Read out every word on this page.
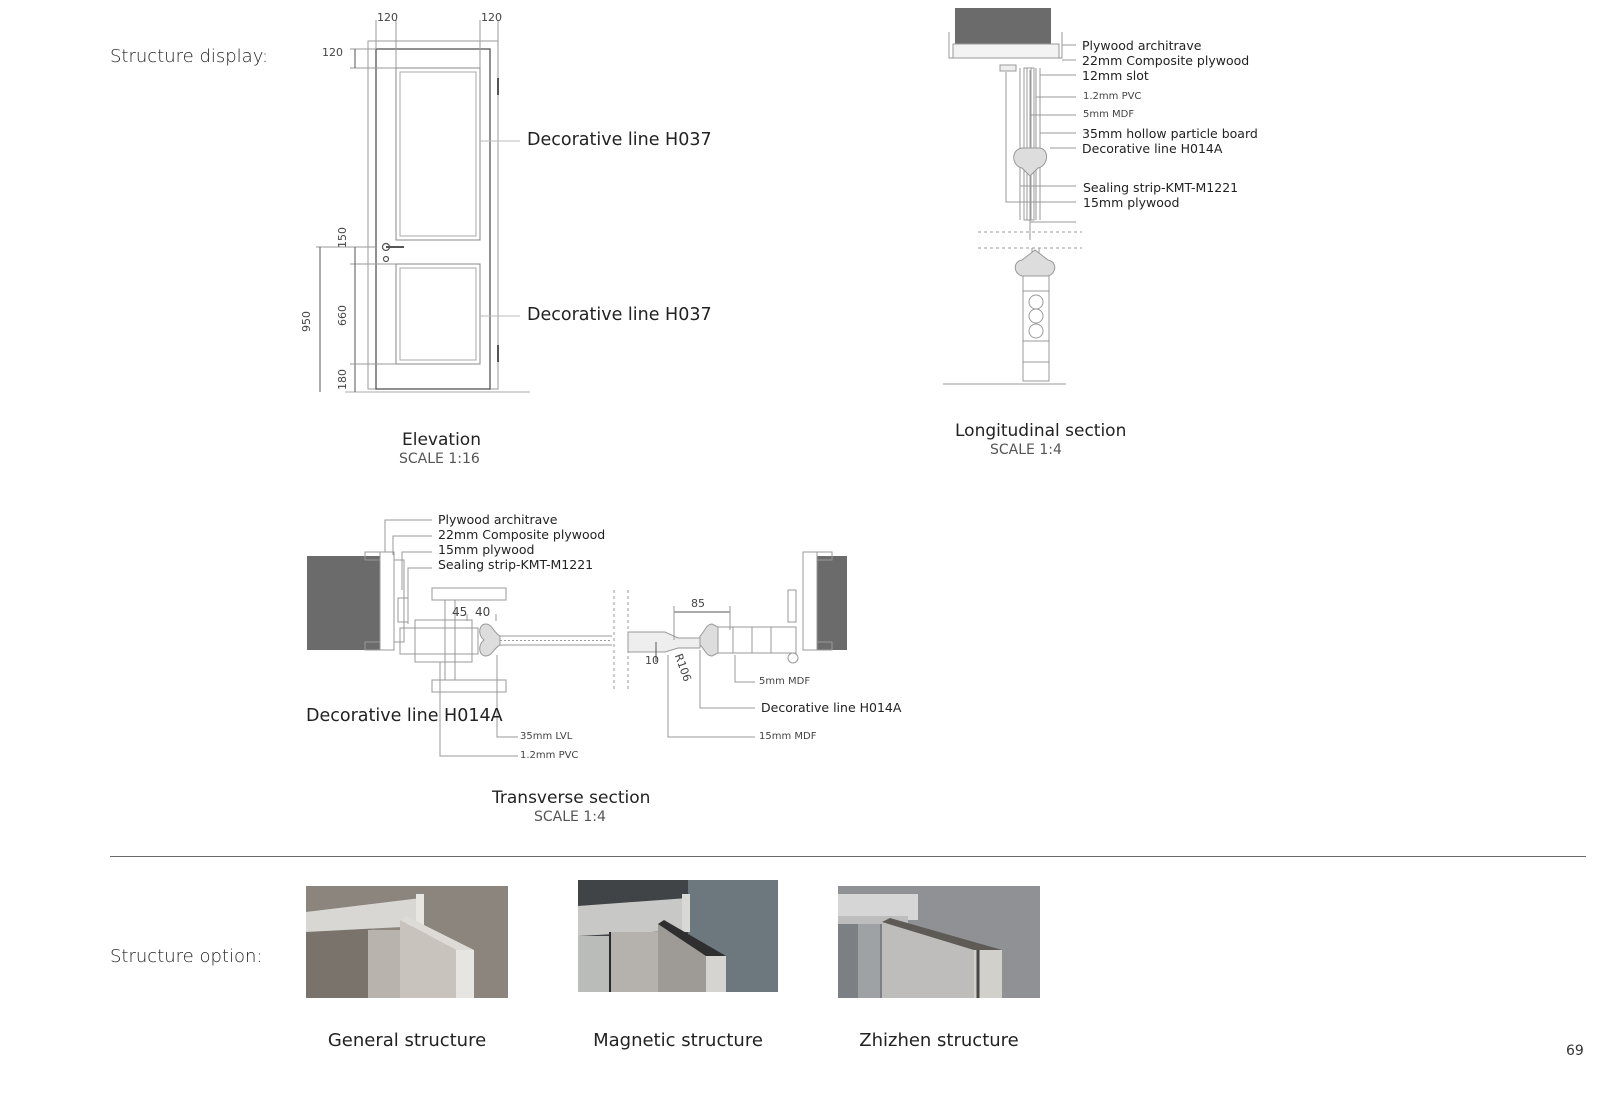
Structure display:
120	120
120
150
660
180
950
Decorative line H037
Decorative line H037
Elevation
SCALE 1:16
Plywood architrave
22mm Composite plywood
12mm slot
1.2mm PVC
5mm MDF
35mm hollow particle board
Decorative line H014A
Sealing strip-KMT-M1221
15mm plywood
Longitudinal section
SCALE 1:4
Plywood architrave
22mm Composite plywood
15mm plywood
Sealing strip-KMT-M1221
45 40
85
10 R106
Decorative line H014A
35mm LVL
1.2mm PVC
5mm MDF
Decorative line H014A
15mm MDF
Transverse section
SCALE 1:4
Structure option:
General structure	Magnetic structure	Zhizhen structure	69
